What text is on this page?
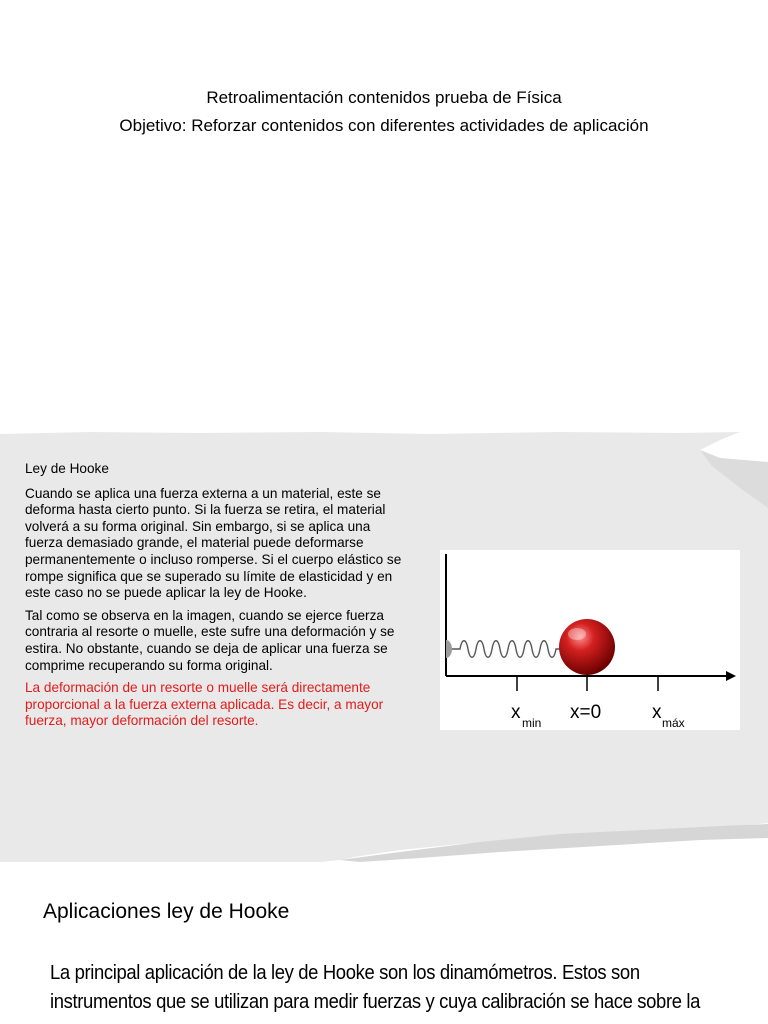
Retroalimentación contenidos prueba de Física
Objetivo: Reforzar contenidos con diferentes actividades de aplicación

Ley de Hooke

Cuando se aplica una fuerza externa a un material, este se deforma hasta cierto punto. Si la fuerza se retira, el material volverá a su forma original. Sin embargo, si se aplica una fuerza demasiado grande, el material puede deformarse permanentemente o incluso romperse. Si el cuerpo elástico se rompe significa que se superado su límite de elasticidad y en este caso no se puede aplicar la ley de Hooke.

Tal como se observa en la imagen, cuando se ejerce fuerza contraria al resorte o muelle, este sufre una deformación y se estira. No obstante, cuando se deja de aplicar una fuerza se comprime recuperando su forma original.

La deformación de un resorte o muelle será directamente proporcional a la fuerza externa aplicada. Es decir, a mayor fuerza, mayor deformación del resorte.	x min x=0	x máx
Aplicaciones ley de Hooke
La principal aplicación de la ley de Hooke son los dinamómetros. Estos son
instrumentos que se utilizan para medir fuerzas y cuya calibración se hace sobre la
